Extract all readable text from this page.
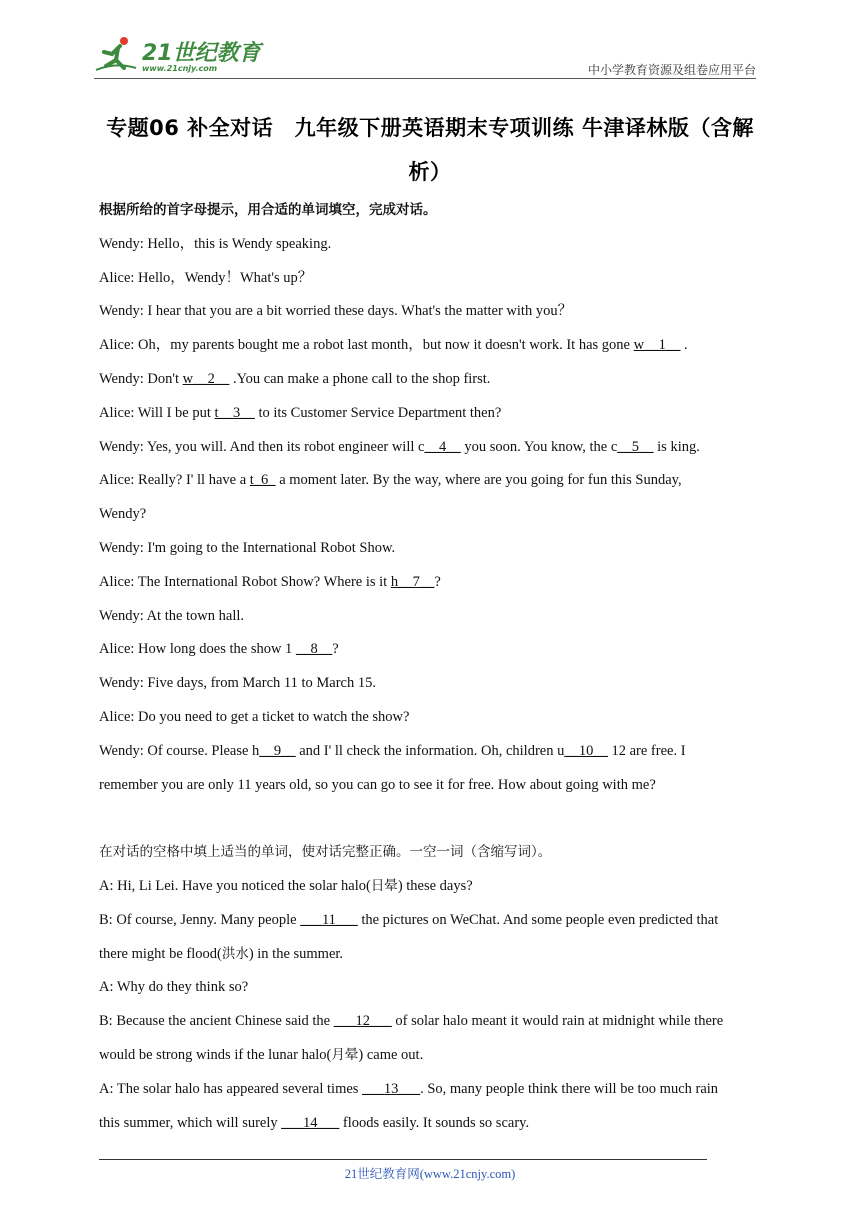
21世纪教育
www.21cnjy.com	中小学教育资源及组卷应用平台
专题06 补全对话　九年级下册英语期末专项训练 牛津译林版（含解
析）
根据所给的首字母提示，用合适的单词填空，完成对话。
Wendy: Hello，this is Wendy speaking.
Alice: Hello，Wendy！What's up？
Wendy: I hear that you are a bit worried these days. What's the matter with you？
Alice: Oh，my parents bought me a robot last month，but now it doesn't work. It has gone w__1__ .
Wendy: Don't w__2__ .You can make a phone call to the shop first.
Alice: Will I be put t__3__ to its Customer Service Department then?
Wendy: Yes, you will. And then its robot engineer will c__4__ you soon. You know, the c__5__ is king.
Alice: Really? I' ll have a t_6_ a moment later. By the way, where are you going for fun this Sunday,
Wendy?
Wendy: I'm going to the International Robot Show.
Alice: The International Robot Show? Where is it h__7__?
Wendy: At the town hall.
Alice: How long does the show 1 __8__?
Wendy: Five days, from March 11 to March 15.
Alice: Do you need to get a ticket to watch the show?
Wendy: Of course. Please h__9__ and I' ll check the information. Oh, children u__10__ 12 are free. I
remember you are only 11 years old, so you can go to see it for free. How about going with me?
在对话的空格中填上适当的单词，使对话完整正确。一空一词（含缩写词）。
A: Hi, Li Lei. Have you noticed the solar halo(日晕) these days?
B: Of course, Jenny. Many people ___11___ the pictures on WeChat. And some people even predicted that
there might be flood(洪水) in the summer.
A: Why do they think so?
B: Because the ancient Chinese said the ___12___ of solar halo meant it would rain at midnight while there
would be strong winds if the lunar halo(月晕) came out.
A: The solar halo has appeared several times ___13___. So, many people think there will be too much rain
this summer, which will surely ___14___ floods easily. It sounds so scary.
21世纪教育网(www.21cnjy.com)
